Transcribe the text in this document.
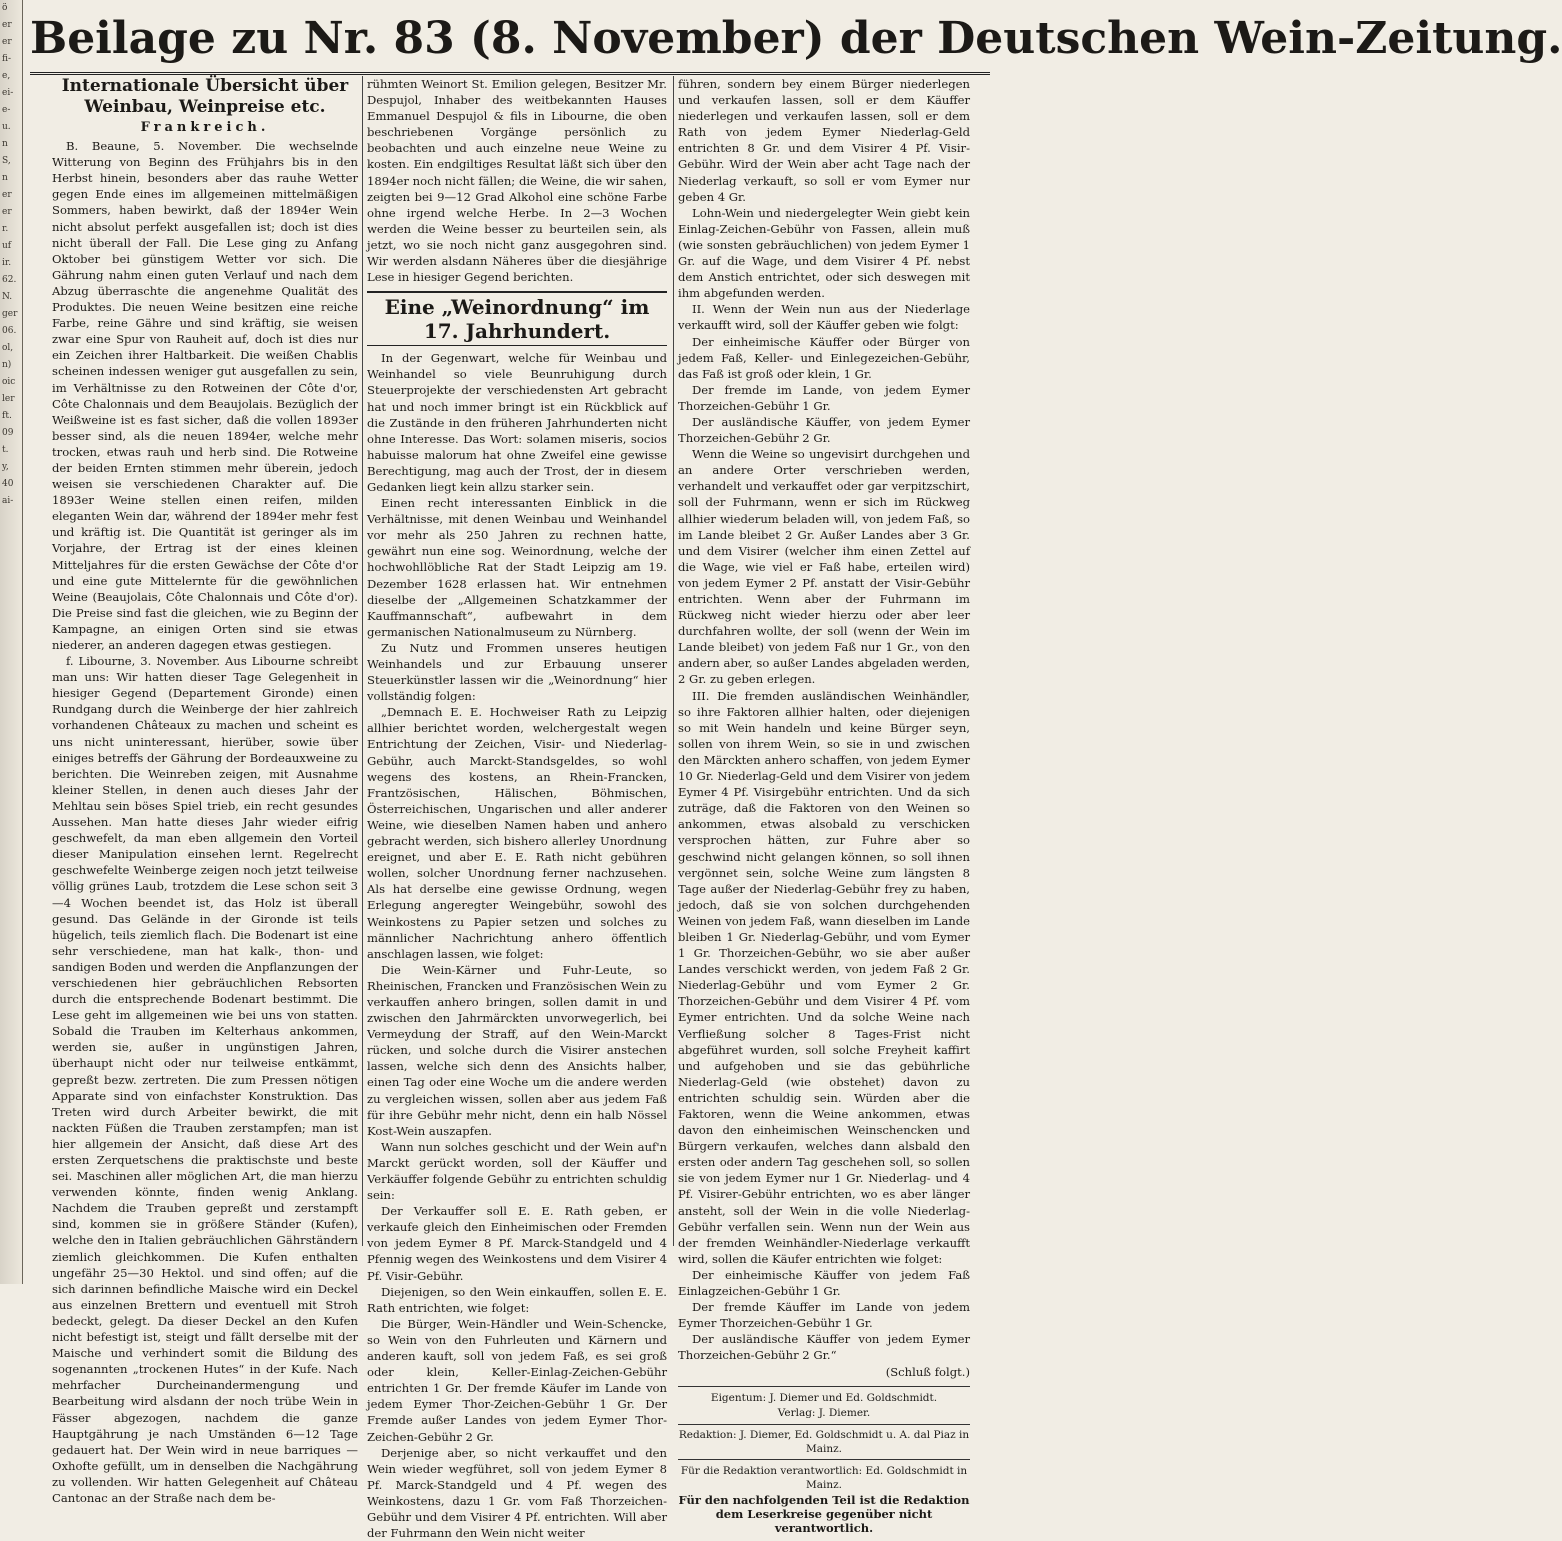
ö
er
er
fi-
e,
ei-
e-
u.
n
S,
n
er
er
r.
uf
ir.
62.
N.
ger
06.
ol,
n)
oic
ler
ft.
09
t.
y,
40
ai-
Beilage zu Nr. 83 (8. November) der Deutschen Wein-Zeitung.
Internationale Übersicht über Weinbau, Weinpreise etc.
Frankreich.

B. Beaune, 5. November. Die wechselnde Witterung von Beginn des Frühjahrs bis in den Herbst hinein, besonders aber das rauhe Wetter gegen Ende eines im allgemeinen mittelmäßigen Sommers, haben bewirkt, daß der 1894er Wein nicht absolut perfekt ausgefallen ist; doch ist dies nicht überall der Fall. Die Lese ging zu Anfang Oktober bei günstigem Wetter vor sich. Die Gährung nahm einen guten Verlauf und nach dem Abzug überraschte die angenehme Qualität des Produktes. Die neuen Weine besitzen eine reiche Farbe, reine Gähre und sind kräftig, sie weisen zwar eine Spur von Rauheit auf, doch ist dies nur ein Zeichen ihrer Haltbarkeit. Die weißen Chablis scheinen indessen weniger gut ausgefallen zu sein, im Verhältnisse zu den Rotweinen der Côte d'or, Côte Chalonnais und dem Beaujolais. Bezüglich der Weißweine ist es fast sicher, daß die vollen 1893er besser sind, als die neuen 1894er, welche mehr trocken, etwas rauh und herb sind. Die Rotweine der beiden Ernten stimmen mehr überein, jedoch weisen sie verschiedenen Charakter auf. Die 1893er Weine stellen einen reifen, milden eleganten Wein dar, während der 1894er mehr fest und kräftig ist. Die Quantität ist geringer als im Vorjahre, der Ertrag ist der eines kleinen Mitteljahres für die ersten Gewächse der Côte d'or und eine gute Mittelernte für die gewöhnlichen Weine (Beaujolais, Côte Chalonnais und Côte d'or). Die Preise sind fast die gleichen, wie zu Beginn der Kampagne, an einigen Orten sind sie etwas niederer, an anderen dagegen etwas gestiegen.

f. Libourne, 3. November. Aus Libourne schreibt man uns: Wir hatten dieser Tage Gelegenheit in hiesiger Gegend (Departement Gironde) einen Rundgang durch die Weinberge der hier zahlreich vorhandenen Châteaux zu machen und scheint es uns nicht uninteressant, hierüber, sowie über einiges betreffs der Gährung der Bordeauxweine zu berichten. Die Weinreben zeigen, mit Ausnahme kleiner Stellen, in denen auch dieses Jahr der Mehltau sein böses Spiel trieb, ein recht gesundes Aussehen. Man hatte dieses Jahr wieder eifrig geschwefelt, da man eben allgemein den Vorteil dieser Manipulation einsehen lernt. Regelrecht geschwefelte Weinberge zeigen noch jetzt teilweise völlig grünes Laub, trotzdem die Lese schon seit 3—4 Wochen beendet ist, das Holz ist überall gesund. Das Gelände in der Gironde ist teils hügelich, teils ziemlich flach. Die Bodenart ist eine sehr verschiedene, man hat kalk-, thon- und sandigen Boden und werden die Anpflanzungen der verschiedenen hier gebräuchlichen Rebsorten durch die entsprechende Bodenart bestimmt. Die Lese geht im allgemeinen wie bei uns von statten. Sobald die Trauben im Kelterhaus ankommen, werden sie, außer in ungünstigen Jahren, überhaupt nicht oder nur teilweise entkämmt, gepreßt bezw. zertreten. Die zum Pressen nötigen Apparate sind von einfachster Konstruktion. Das Treten wird durch Arbeiter bewirkt, die mit nackten Füßen die Trauben zerstampfen; man ist hier allgemein der Ansicht, daß diese Art des ersten Zerquetschens die praktischste und beste sei. Maschinen aller möglichen Art, die man hierzu verwenden könnte, finden wenig Anklang. Nachdem die Trauben gepreßt und zerstampft sind, kommen sie in größere Ständer (Kufen), welche den in Italien gebräuchlichen Gährständern ziemlich gleichkommen. Die Kufen enthalten ungefähr 25—30 Hektol. und sind offen; auf die sich darinnen befindliche Maische wird ein Deckel aus einzelnen Brettern und eventuell mit Stroh bedeckt, gelegt. Da dieser Deckel an den Kufen nicht befestigt ist, steigt und fällt derselbe mit der Maische und verhindert somit die Bildung des sogenannten „trockenen Hutes“ in der Kufe. Nach mehrfacher Durcheinandermengung und Bearbeitung wird alsdann der noch trübe Wein in Fässer abgezogen, nachdem die ganze Hauptgährung je nach Umständen 6—12 Tage gedauert hat. Der Wein wird in neue barriques — Oxhofte gefüllt, um in denselben die Nachgährung zu vollenden. Wir hatten Gelegenheit auf Château Cantonac an der Straße nach dem be-

rühmten Weinort St. Emilion gelegen, Besitzer Mr. Despujol, Inhaber des weitbekannten Hauses Emmanuel Despujol & fils in Libourne, die oben beschriebenen Vorgänge persönlich zu beobachten und auch einzelne neue Weine zu kosten. Ein endgiltiges Resultat läßt sich über den 1894er noch nicht fällen; die Weine, die wir sahen, zeigten bei 9—12 Grad Alkohol eine schöne Farbe ohne irgend welche Herbe. In 2—3 Wochen werden die Weine besser zu beurteilen sein, als jetzt, wo sie noch nicht ganz ausgegohren sind. Wir werden alsdann Näheres über die diesjährige Lese in hiesiger Gegend berichten.

Eine „Weinordnung“ im 17. Jahrhundert.

In der Gegenwart, welche für Weinbau und Weinhandel so viele Beunruhigung durch Steuerprojekte der verschiedensten Art gebracht hat und noch immer bringt ist ein Rückblick auf die Zustände in den früheren Jahrhunderten nicht ohne Interesse. Das Wort: solamen miseris, socios habuisse malorum hat ohne Zweifel eine gewisse Berechtigung, mag auch der Trost, der in diesem Gedanken liegt kein allzu starker sein.

Einen recht interessanten Einblick in die Verhältnisse, mit denen Weinbau und Weinhandel vor mehr als 250 Jahren zu rechnen hatte, gewährt nun eine sog. Weinordnung, welche der hochwohllöbliche Rat der Stadt Leipzig am 19. Dezember 1628 erlassen hat. Wir entnehmen dieselbe der „Allgemeinen Schatzkammer der Kauffmannschaft“, aufbewahrt in dem germanischen Nationalmuseum zu Nürnberg.

Zu Nutz und Frommen unseres heutigen Weinhandels und zur Erbauung unserer Steuerkünstler lassen wir die „Weinordnung“ hier vollständig folgen:

„Demnach E. E. Hochweiser Rath zu Leipzig allhier berichtet worden, welchergestalt wegen Entrichtung der Zeichen, Visir- und Niederlag-Gebühr, auch Marckt-Standsgeldes, so wohl wegens des kostens, an Rhein-Francken, Frantzösischen, Hälischen, Böhmischen, Österreichischen, Ungarischen und aller anderer Weine, wie dieselben Namen haben und anhero gebracht werden, sich bishero allerley Unordnung ereignet, und aber E. E. Rath nicht gebühren wollen, solcher Unordnung ferner nachzusehen. Als hat derselbe eine gewisse Ordnung, wegen Erlegung angeregter Weingebühr, sowohl des Weinkostens zu Papier setzen und solches zu männlicher Nachrichtung anhero öffentlich anschlagen lassen, wie folget:

Die Wein-Kärner und Fuhr-Leute, so Rheinischen, Francken und Französischen Wein zu verkauffen anhero bringen, sollen damit in und zwischen den Jahrmärckten unvorwegerlich, bei Vermeydung der Straff, auf den Wein-Marckt rücken, und solche durch die Visirer anstechen lassen, welche sich denn des Ansichts halber, einen Tag oder eine Woche um die andere werden zu vergleichen wissen, sollen aber aus jedem Faß für ihre Gebühr mehr nicht, denn ein halb Nössel Kost-Wein auszapfen.

Wann nun solches geschicht und der Wein auf'n Marckt gerückt worden, soll der Käuffer und Verkäuffer folgende Gebühr zu entrichten schuldig sein:

Der Verkauffer soll E. E. Rath geben, er verkaufe gleich den Einheimischen oder Fremden von jedem Eymer 8 Pf. Marck-Standgeld und 4 Pfennig wegen des Weinkostens und dem Visirer 4 Pf. Visir-Gebühr.

Diejenigen, so den Wein einkauffen, sollen E. E. Rath entrichten, wie folget:

Die Bürger, Wein-Händler und Wein-Schencke, so Wein von den Fuhrleuten und Kärnern und anderen kauft, soll von jedem Faß, es sei groß oder klein, Keller-Einlag-Zeichen-Gebühr entrichten 1 Gr. Der fremde Käufer im Lande von jedem Eymer Thor-Zeichen-Gebühr 1 Gr. Der Fremde außer Landes von jedem Eymer Thor-Zeichen-Gebühr 2 Gr.

Derjenige aber, so nicht verkauffet und den Wein wieder wegführet, soll von jedem Eymer 8 Pf. Marck-Standgeld und 4 Pf. wegen des Weinkostens, dazu 1 Gr. vom Faß Thorzeichen-Gebühr und dem Visirer 4 Pf. entrichten. Will aber der Fuhrmann den Wein nicht weiter

führen, sondern bey einem Bürger niederlegen und verkaufen lassen, soll er dem Käuffer niederlegen und verkaufen lassen, soll er dem Rath von jedem Eymer Niederlag-Geld entrichten 8 Gr. und dem Visirer 4 Pf. Visir-Gebühr. Wird der Wein aber acht Tage nach der Niederlag verkauft, so soll er vom Eymer nur geben 4 Gr.

Lohn-Wein und niedergelegter Wein giebt kein Einlag-Zeichen-Gebühr von Fassen, allein muß (wie sonsten gebräuchlichen) von jedem Eymer 1 Gr. auf die Wage, und dem Visirer 4 Pf. nebst dem Anstich entrichtet, oder sich deswegen mit ihm abgefunden werden.

II. Wenn der Wein nun aus der Niederlage verkaufft wird, soll der Käuffer geben wie folgt:

Der einheimische Käuffer oder Bürger von jedem Faß, Keller- und Einlegezeichen-Gebühr, das Faß ist groß oder klein, 1 Gr.

Der fremde im Lande, von jedem Eymer Thorzeichen-Gebühr 1 Gr.

Der ausländische Käuffer, von jedem Eymer Thorzeichen-Gebühr 2 Gr.

Wenn die Weine so ungevisirt durchgehen und an andere Orter verschrieben werden, verhandelt und verkauffet oder gar verpitzschirt, soll der Fuhrmann, wenn er sich im Rückweg allhier wiederum beladen will, von jedem Faß, so im Lande bleibet 2 Gr. Außer Landes aber 3 Gr. und dem Visirer (welcher ihm einen Zettel auf die Wage, wie viel er Faß habe, erteilen wird) von jedem Eymer 2 Pf. anstatt der Visir-Gebühr entrichten. Wenn aber der Fuhrmann im Rückweg nicht wieder hierzu oder aber leer durchfahren wollte, der soll (wenn der Wein im Lande bleibet) von jedem Faß nur 1 Gr., von den andern aber, so außer Landes abgeladen werden, 2 Gr. zu geben erlegen.

III. Die fremden ausländischen Weinhändler, so ihre Faktoren allhier halten, oder diejenigen so mit Wein handeln und keine Bürger seyn, sollen von ihrem Wein, so sie in und zwischen den Märckten anhero schaffen, von jedem Eymer 10 Gr. Niederlag-Geld und dem Visirer von jedem Eymer 4 Pf. Visirgebühr entrichten. Und da sich zuträge, daß die Faktoren von den Weinen so ankommen, etwas alsobald zu verschicken versprochen hätten, zur Fuhre aber so geschwind nicht gelangen können, so soll ihnen vergönnet sein, solche Weine zum längsten 8 Tage außer der Niederlag-Gebühr frey zu haben, jedoch, daß sie von solchen durchgehenden Weinen von jedem Faß, wann dieselben im Lande bleiben 1 Gr. Niederlag-Gebühr, und vom Eymer 1 Gr. Thorzeichen-Gebühr, wo sie aber außer Landes verschickt werden, von jedem Faß 2 Gr. Niederlag-Gebühr und vom Eymer 2 Gr. Thorzeichen-Gebühr und dem Visirer 4 Pf. vom Eymer entrichten. Und da solche Weine nach Verfließung solcher 8 Tages-Frist nicht abgeführet wurden, soll solche Freyheit kaffirt und aufgehoben und sie das gebührliche Niederlag-Geld (wie obstehet) davon zu entrichten schuldig sein. Würden aber die Faktoren, wenn die Weine ankommen, etwas davon den einheimischen Weinschencken und Bürgern verkaufen, welches dann alsbald den ersten oder andern Tag geschehen soll, so sollen sie von jedem Eymer nur 1 Gr. Niederlag- und 4 Pf. Visirer-Gebühr entrichten, wo es aber länger ansteht, soll der Wein in die volle Niederlag-Gebühr verfallen sein. Wenn nun der Wein aus der fremden Weinhändler-Niederlage verkaufft wird, sollen die Käufer entrichten wie folget:

Der einheimische Käuffer von jedem Faß Einlagzeichen-Gebühr 1 Gr.

Der fremde Käuffer im Lande von jedem Eymer Thorzeichen-Gebühr 1 Gr.

Der ausländische Käuffer von jedem Eymer Thorzeichen-Gebühr 2 Gr.“

(Schluß folgt.)

Eigentum: J. Diemer und Ed. Goldschmidt.
Verlag: J. Diemer.
Redaktion: J. Diemer, Ed. Goldschmidt u. A. dal Piaz in Mainz.
Für die Redaktion verantwortlich: Ed. Goldschmidt in Mainz.
Für den nachfolgenden Teil ist die Redaktion dem Leserkreise gegenüber nicht verantwortlich.
